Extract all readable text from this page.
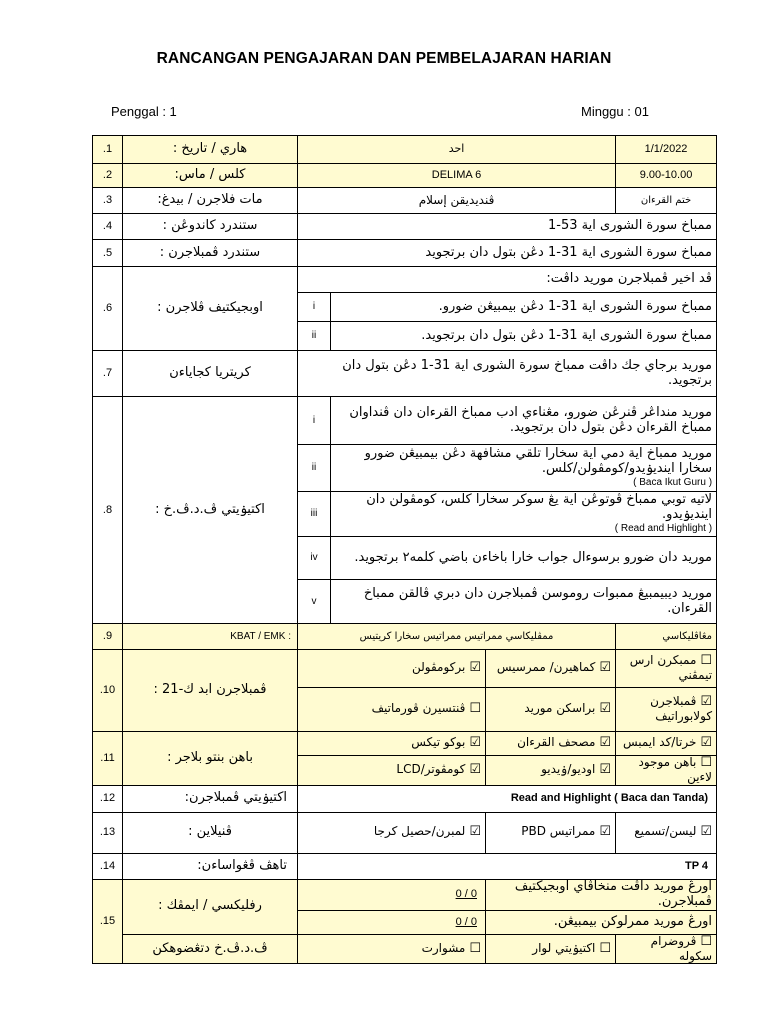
RANCANGAN PENGAJARAN DAN PEMBELAJARAN HARIAN
Penggal : 1	Minggu : 01
.1	هاري / تاريخ :	احد			1/1/2022
.2	كلس / ماس:	DELIMA 6			9.00-10.00
.3	مات فلاجرن / بيدغ:	ڤنديديقن إسلام			ختم القرءان
.4	ستندرد كاندوڠن :	ممباخ سورة الشورى اية 53-1			
.5	ستندرد ڤمبلاجرن :	ممباخ سورة الشورى اية 31-1 دڠن بتول دان برتجويد			
.6	اوبجيكتيف ڤلاجرن :	ڤد اخير ڤمبلاجرن موريد داڤت:			
		i	ممباخ سورة الشورى اية 31-1 دڠن بيمبيڠن ضورو.		
		ii	ممباخ سورة الشورى اية 31-1 دڠن بتول دان برتجويد.		
.7	كريتريا كجاياءن	موريد برجاي جك داڤت ممباخ سورة الشورى اية 31-1 دڠن بتول دان برتجويد.			
.8	اكتيۏيتي ڤ.د.ڤ.خ :	i	موريد منداڠر ڤنرڠن ضورو، مڠناءي ادب ممباخ القرءان دان ڤنداوان ممباخ القرءان دڠن بتول دان برتجويد.		
		ii	موريد ممباخ اية دمي اية سخارا تلقي مشافهة دڠن بيمبيڠن ضورو سخارا اينديۏيدو/كومڤولن/كلس.
( Baca Ikut Guru )		

		iii	لاتيه توبي ممباخ ڤوتوڠن اية يڠ سوكر سخارا كلس، كومڤولن دان اينديۏيدو.
( Read and Highlight )		

		iv	موريد دان ضورو برسوءال جواب خارا باخاءن باضي كلمه٢ برتجويد.		
		v	موريد ديبيمبيڠ ممبوات روموسن ڤمبلاجرن دان دبري ڤالقن ممباخ القرءان.		
.9	KBAT / EMK :	ممڤليكاسي ممراتيس ممراتيس سخارا كريتيس			مڠاڤليكاسي
.10	ڤمبلاجرن ابد ك-21 :	☑بركومڤولن		☑كماهيرن/ ممرسيس	☐ممبكرن ارس تيمڤني
		☐ڤنتسيرن ڤورماتيف		☑براسكن موريد	☑ڤمبلاجرن كولابوراتيف
.11	باهن بنتو بلاجر :	☑بوكو تيكس		☑مصحف القرءان	☑خرتا/كد ايمبس
		☑كومڤوتر/LCD		☑اوديو/ۏيديو	☐باهن موجود لاءين
.12	اكتيۏيتي ڤمبلاجرن:	Read and Highlight ( Baca dan Tanda)			
.13	ڤنيلاين :	☑لمبرن/حصيل كرجا		☑ممراتيس PBD	☑ليسن/تسميع
.14	تاهڤ ڤڠواساءن:	TP 4			
.15	رفليكسي / ايمڤك :	0 / 0		اورڠ موريد داڤت منخاڤاي اوبجيكتيف ڤمبلاجرن.	
		0 / 0		اورڠ موريد ممرلوكن بيمبيڠن.	
	ڤ.د.ڤ.خ دتڠضوهكن	☐مشوارت		☐اكتيۏيتي لوار	☐ڤروضرام سكوله
